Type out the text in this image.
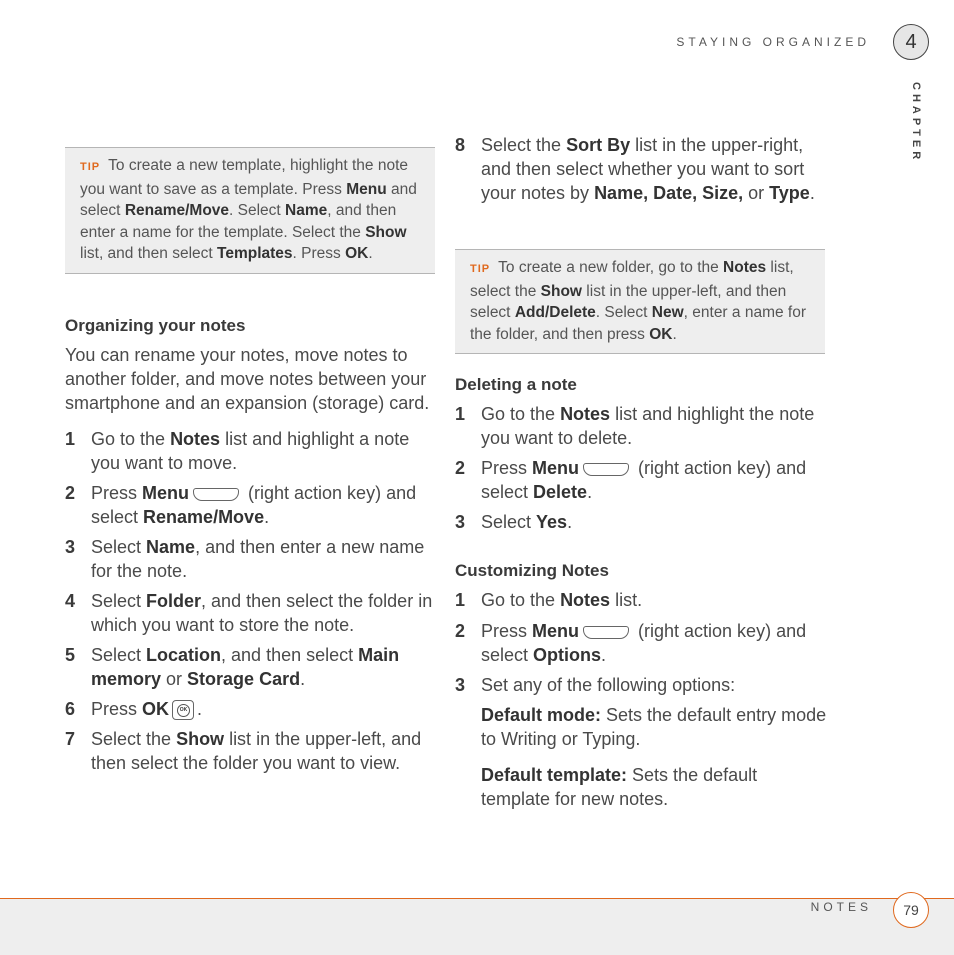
STAYING ORGANIZED	4
CHAPTER

TIP To create a new template, highlight the note you want to save as a template. Press Menu and select Rename/Move. Select Name, and then enter a name for the template. Select the Show list, and then select Templates. Press OK.

Organizing your notes

You can rename your notes, move notes to another folder, and move notes between your smartphone and an expansion (storage) card.

1 Go to the Notes list and highlight a note you want to move.
2 Press Menu	(right action key) and select Rename/Move.
3 Select Name, and then enter a new name for the note.
4 Select Folder, and then select the folder in which you want to store the note.
5 Select Location, and then select Main memory or Storage Card.
6 Press OKOK .
7 Select the Show list in the upper-left, and then select the folder you want to view.
8 Select the Sort By list in the upper-right, and then select whether you want to sort your notes by Name, Date, Size, or Type.

TIP To create a new folder, go to the Notes list, select the Show list in the upper-left, and then select Add/Delete. Select New, enter a name for the folder, and then press OK.

Deleting a note
1 Go to the Notes list and highlight the note you want to delete.
2 Press Menu	(right action key) and select Delete.
3 Select Yes.
Customizing Notes
1 Go to the Notes list.
2 Press Menu	(right action key) and select Options.
3 Set any of the following options:
Default mode: Sets the default entry mode to Writing or Typing.
Default template: Sets the default template for new notes.
NOTES	79
